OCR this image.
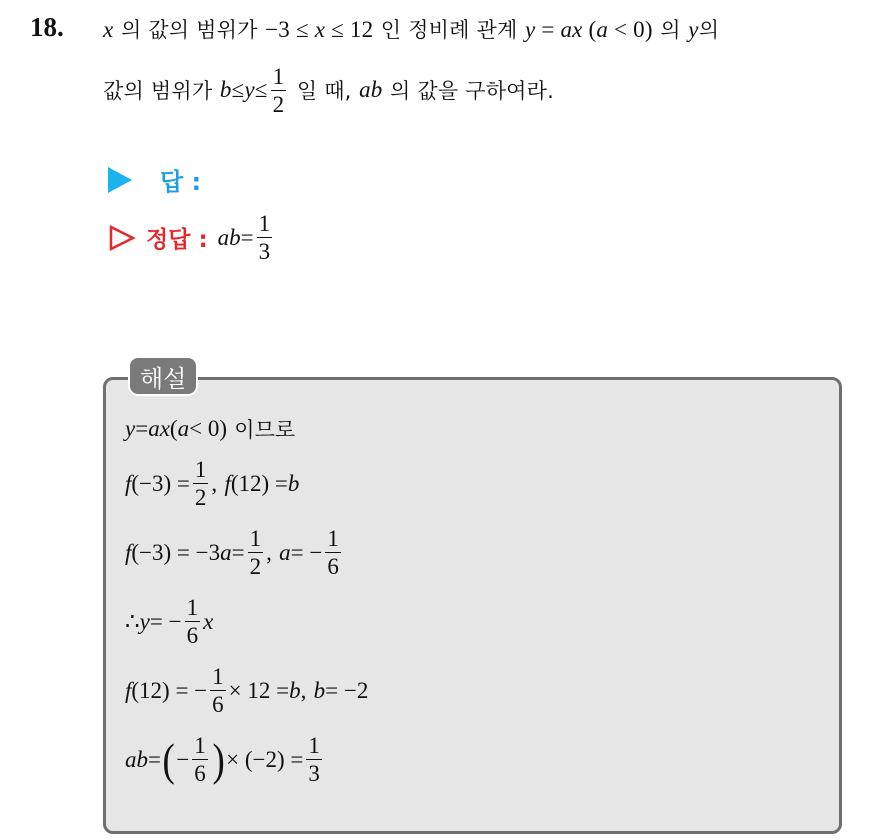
18. x 의 값의 범위가 −3 ≤ x ≤ 12 인 정비례 관계 y = ax (a < 0) 의 y의
값의 범위가
$b \le y \le \frac{1}{2}$
일 때,
ab
의 값을 구하여라.
답 :
정답 : ab = $\frac{1}{3}$
해설
y = ax ( a < 0)
이므로
f $(-3) = \frac{1}{2}$ ,
f (12) = b
f (−3) = −3 $a = \frac{1}{2}$ ,
a = − $\frac{1}{6}$
∴ y = − $\frac{1}{6}$ x
f (12) = − $\frac{1}{6} \times 12 = b$ ,
b = −2
ab = ( − $\frac{1}{6}$ ) × $(-2) = \frac{1}{3}$
